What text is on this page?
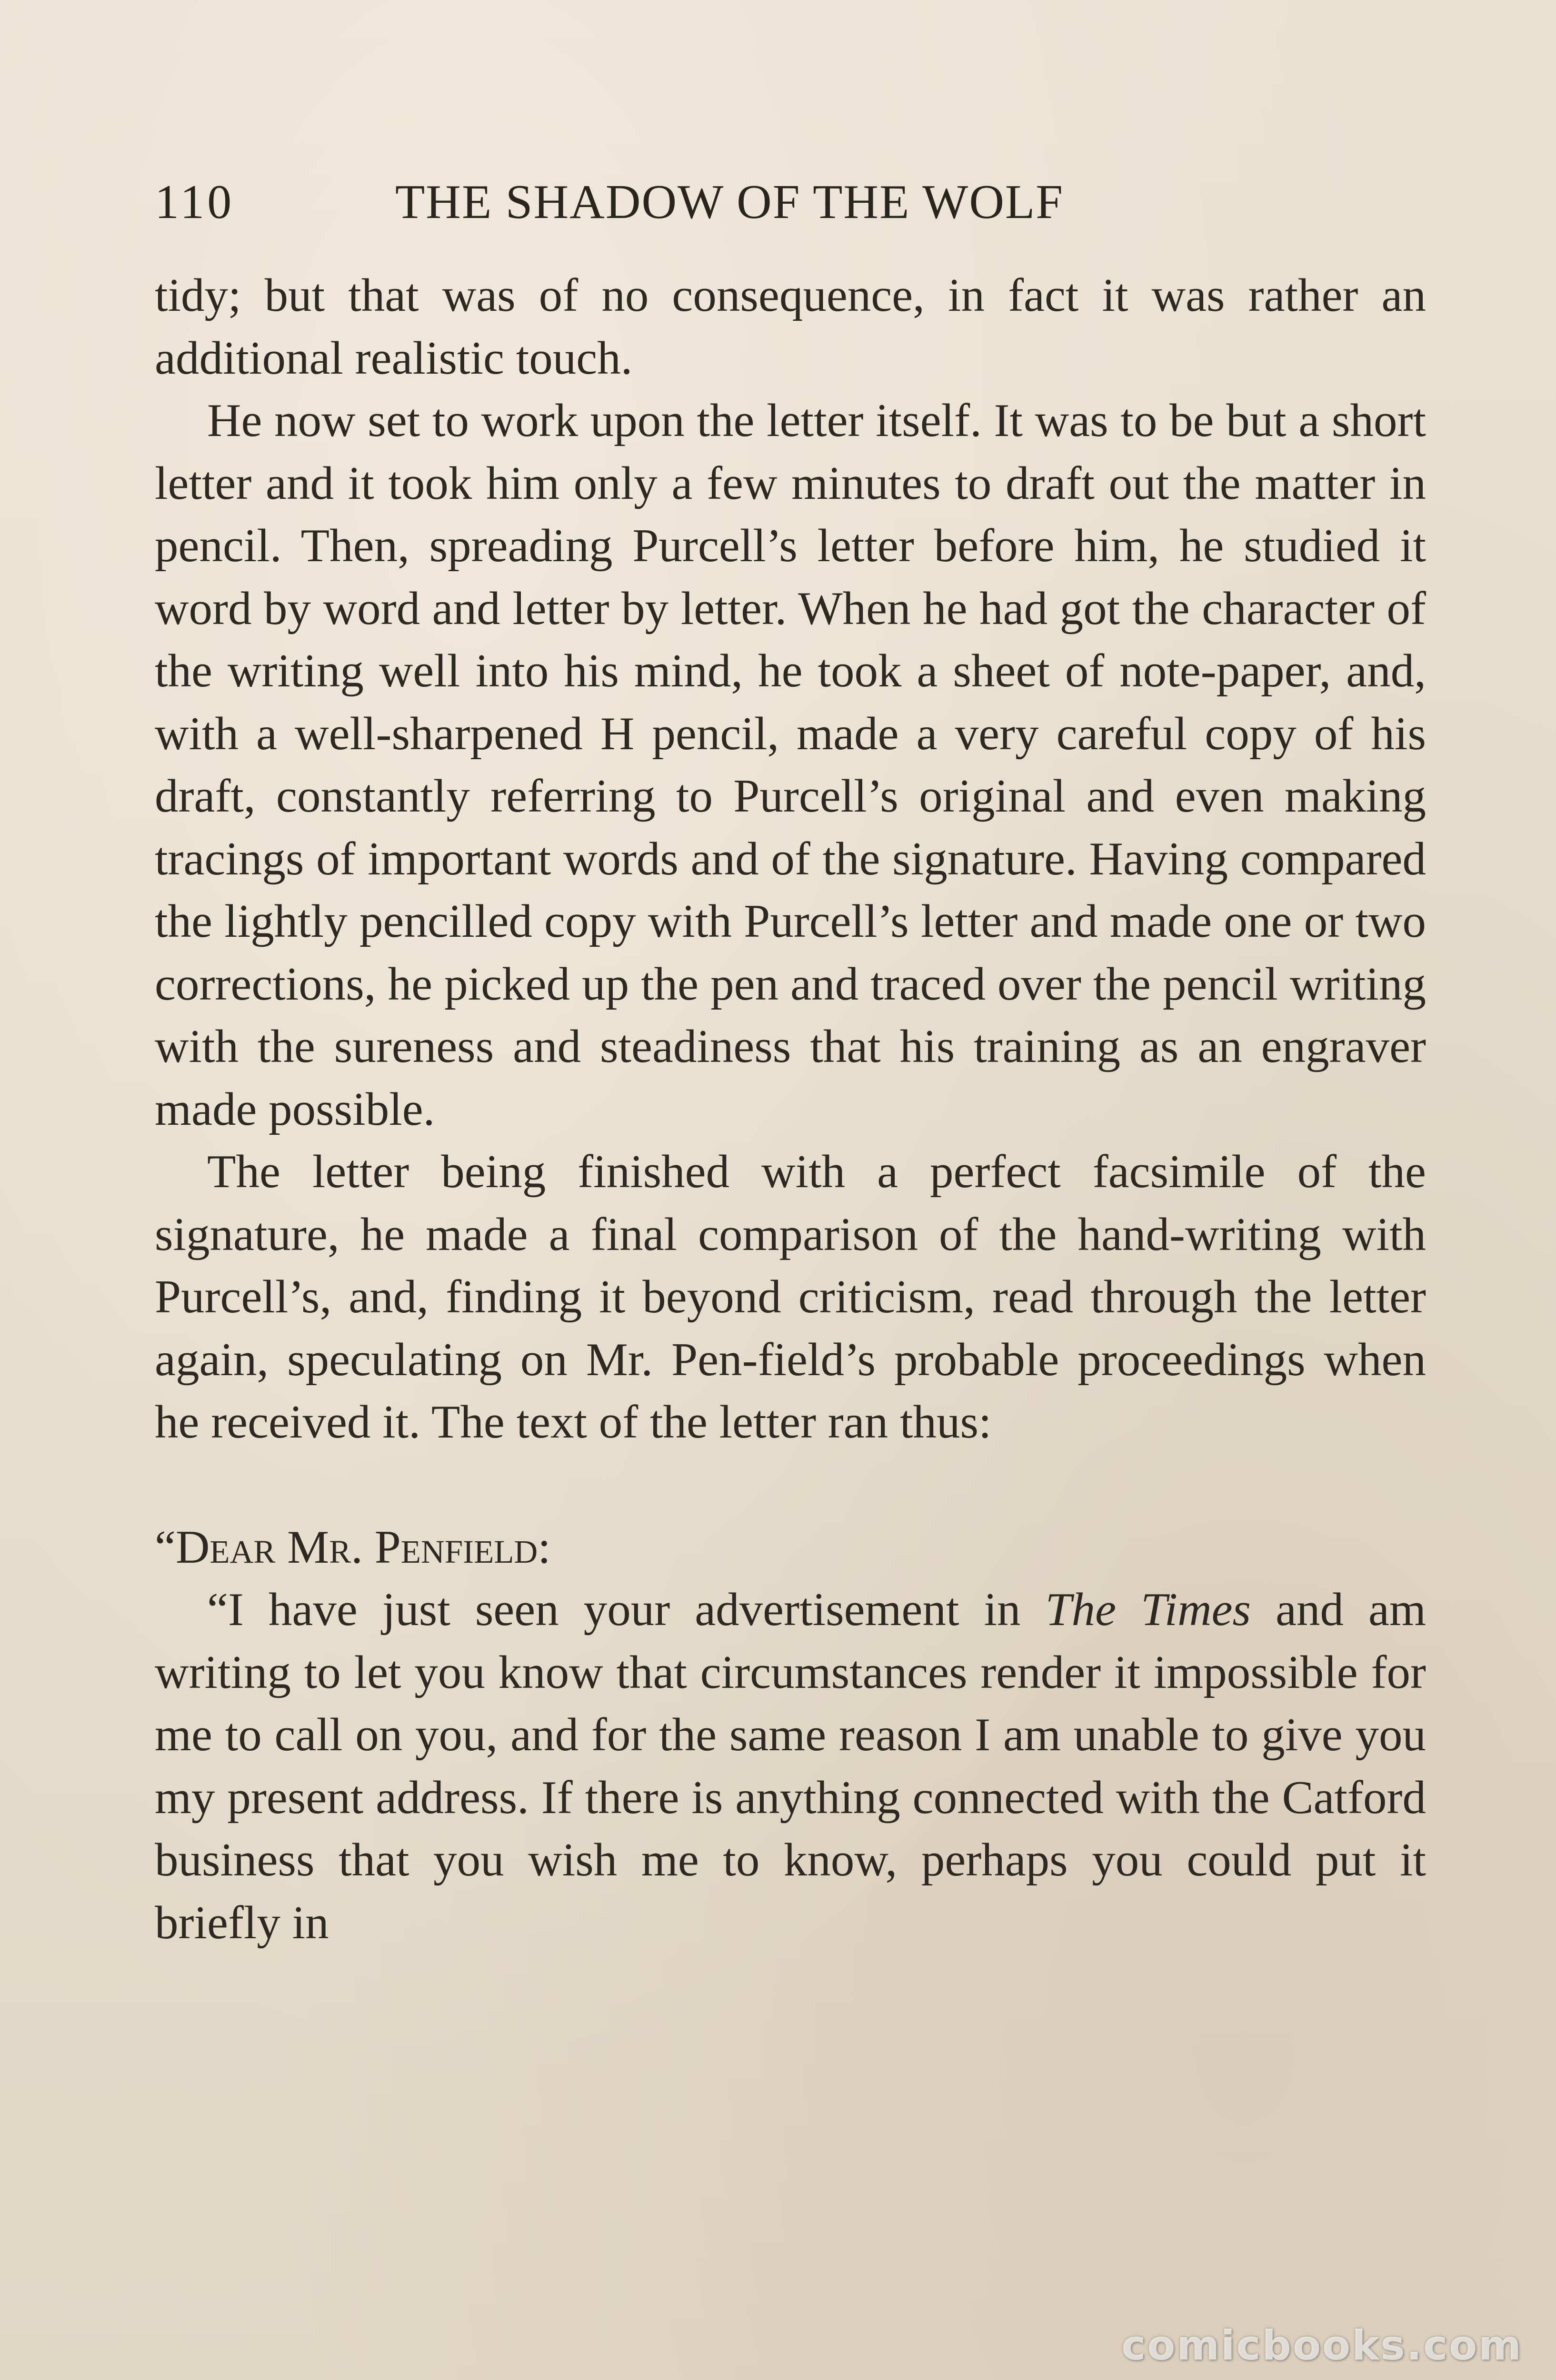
110	THE SHADOW OF THE WOLF

tidy; but that was of no consequence, in fact it was rather an additional realistic touch.

He now set to work upon the letter itself. It was to be but a short letter and it took him only a few minutes to draft out the matter in pencil. Then, spreading Purcell’s letter before him, he studied it word by word and letter by letter. When he had got the character of the writing well into his mind, he took a sheet of note-paper, and, with a well-sharpened H pencil, made a very careful copy of his draft, constantly referring to Purcell’s original and even making tracings of important words and of the signature. Having compared the lightly pencilled copy with Purcell’s letter and made one or two corrections, he picked up the pen and traced over the pencil writing with the sureness and steadiness that his training as an engraver made possible.

The letter being finished with a perfect facsimile of the signature, he made a final comparison of the hand-writing with Purcell’s, and, finding it beyond criticism, read through the letter again, speculating on Mr. Pen-field’s probable proceedings when he received it. The text of the letter ran thus:

“Dear Mr. Penfield:

“I have just seen your advertisement in The Times and am writing to let you know that circumstances render it impossible for me to call on you, and for the same reason I am unable to give you my present address. If there is anything connected with the Catford business that you wish me to know, perhaps you could put it briefly in

comicbooks.com
